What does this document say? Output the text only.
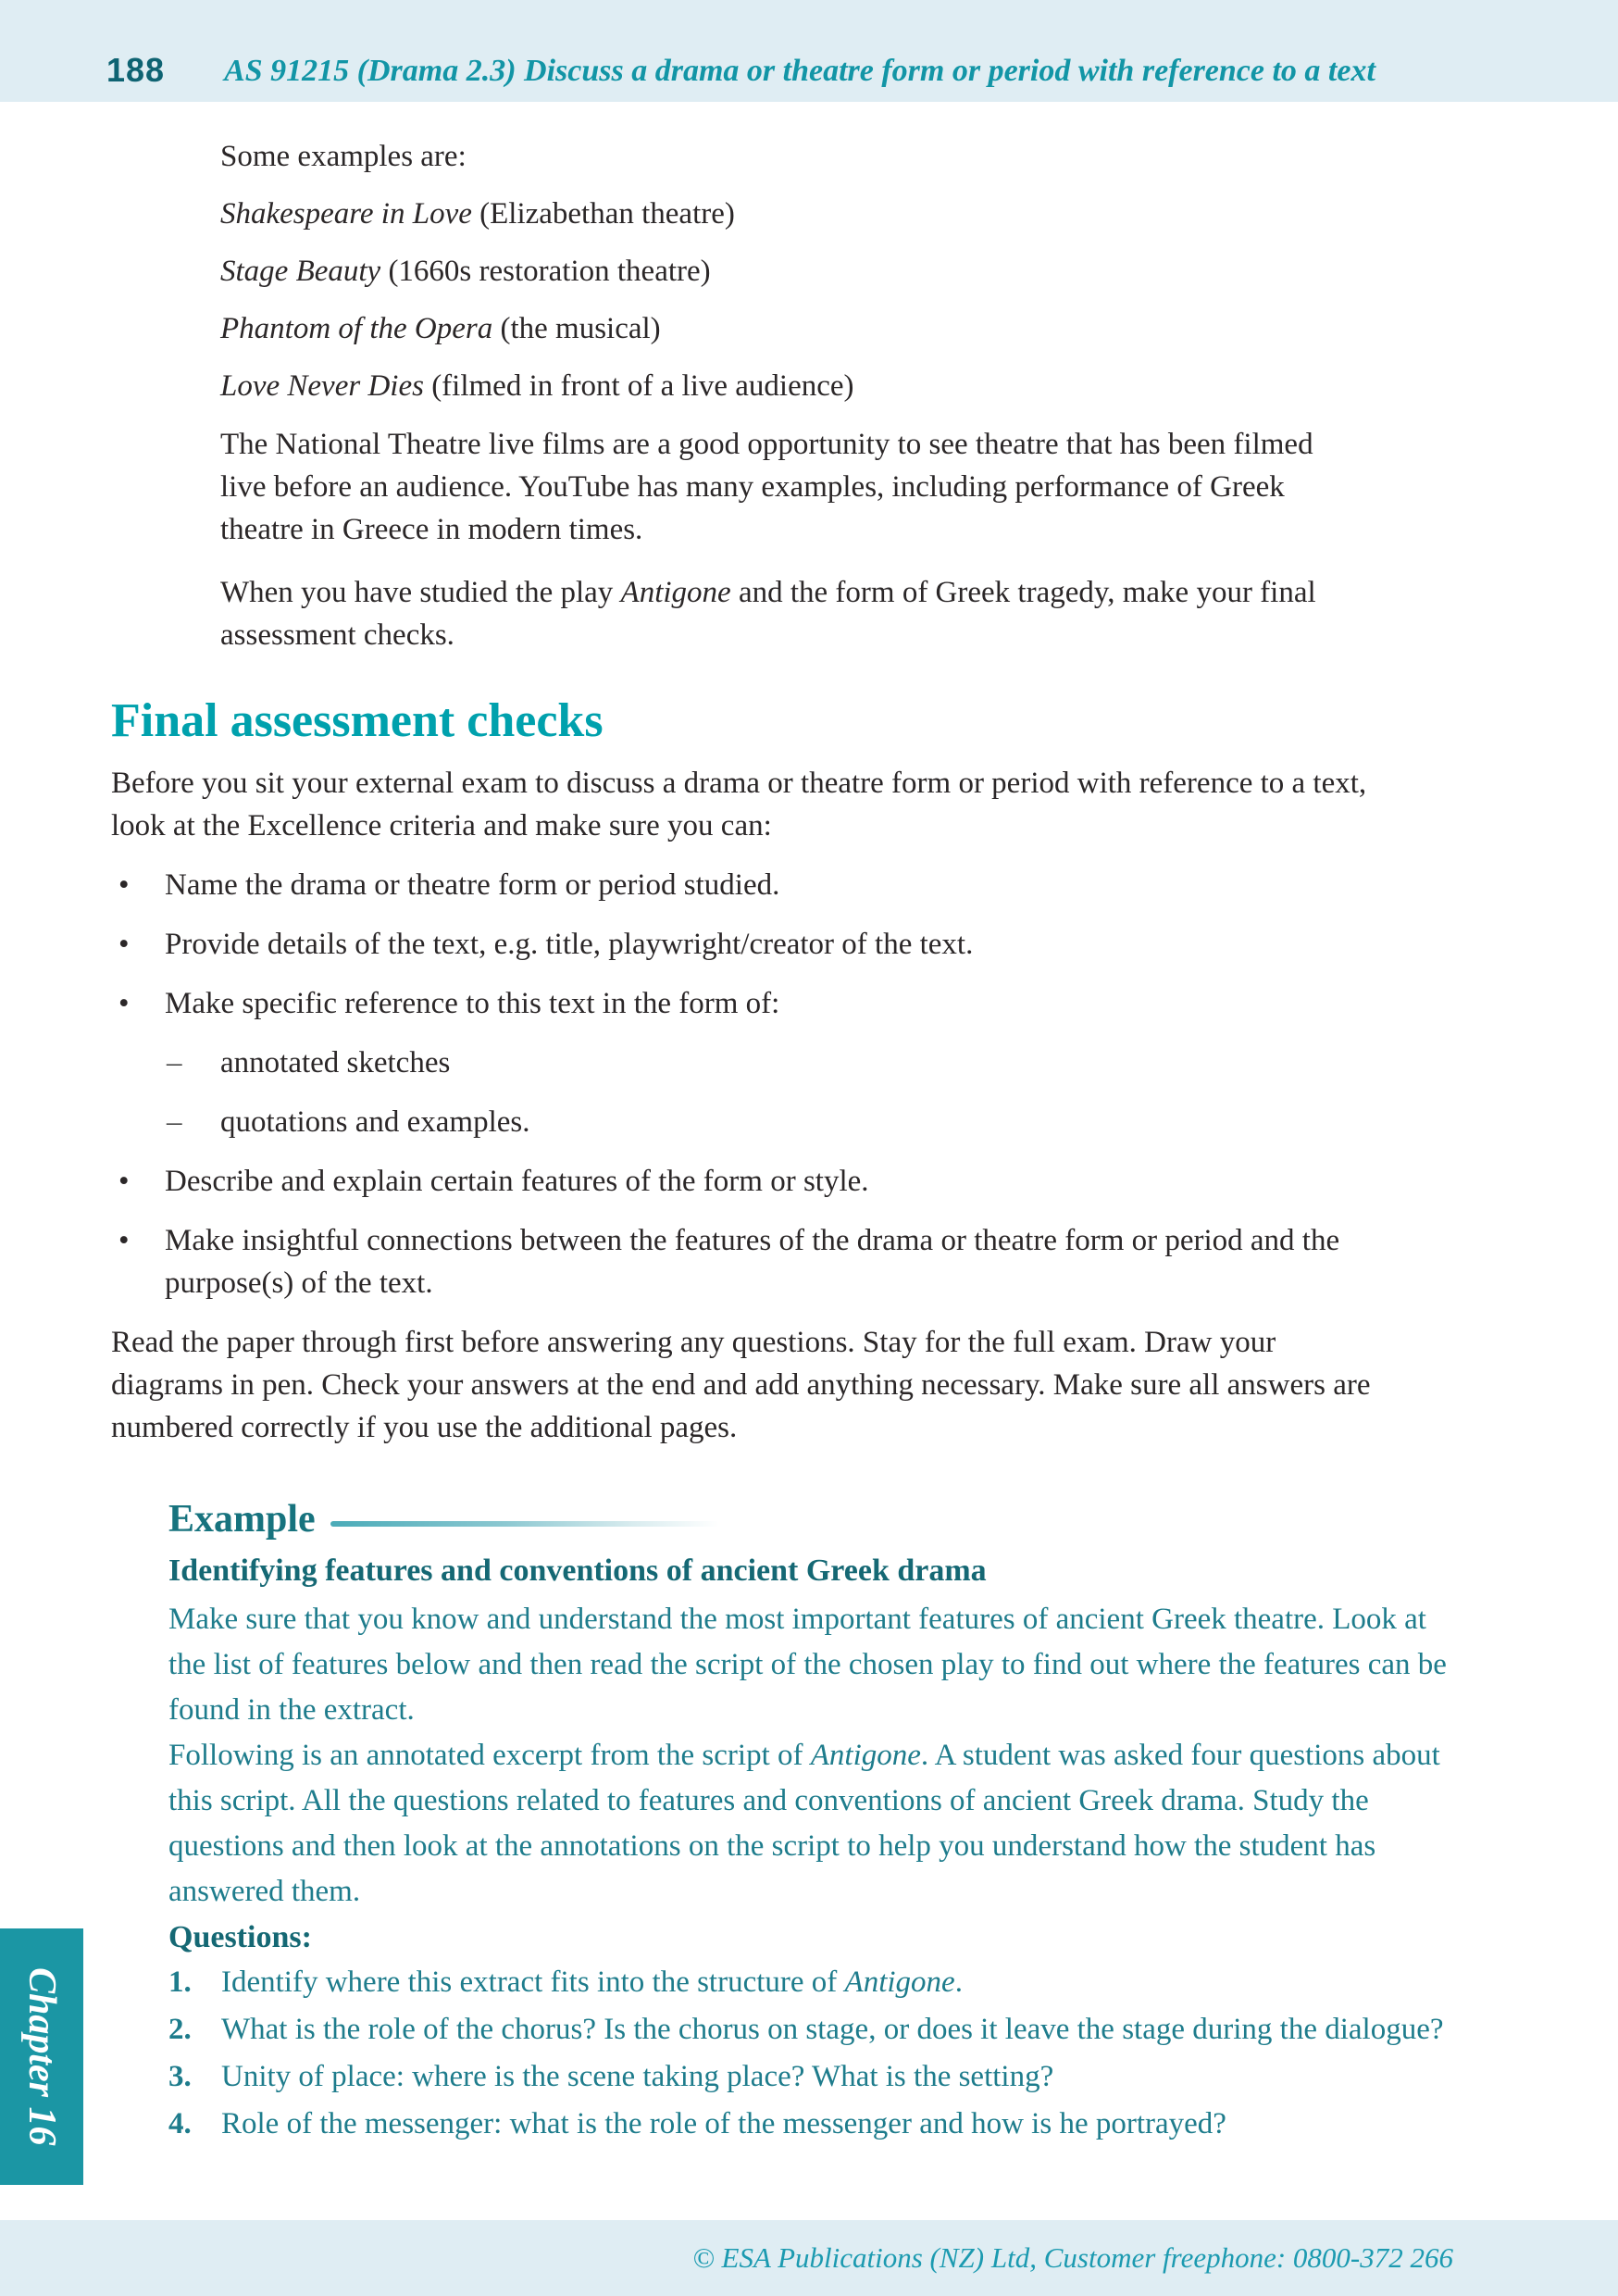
188 AS 91215 (Drama 2.3) Discuss a drama or theatre form or period with reference to a text

Some examples are:

Shakespeare in Love (Elizabethan theatre)

Stage Beauty (1660s restoration theatre)

Phantom of the Opera (the musical)

Love Never Dies (filmed in front of a live audience)

The National Theatre live films are a good opportunity to see theatre that has been filmed live before an audience. YouTube has many examples, including performance of Greek theatre in Greece in modern times.

When you have studied the play Antigone and the form of Greek tragedy, make your final assessment checks.

Final assessment checks

Before you sit your external exam to discuss a drama or theatre form or period with reference to a text, look at the Excellence criteria and make sure you can:

• Name the drama or theatre form or period studied.
• Provide details of the text, e.g. title, playwright/creator of the text.
• Make specific reference to this text in the form of:
– annotated sketches
– quotations and examples.
• Describe and explain certain features of the form or style.
• Make insightful connections between the features of the drama or theatre form or period and the purpose(s) of the text.

Read the paper through first before answering any questions. Stay for the full exam. Draw your diagrams in pen. Check your answers at the end and add anything necessary. Make sure all answers are numbered correctly if you use the additional pages.

Example
Identifying features and conventions of ancient Greek drama

Make sure that you know and understand the most important features of ancient Greek theatre. Look at the list of features below and then read the script of the chosen play to find out where the features can be found in the extract.

Following is an annotated excerpt from the script of Antigone. A student was asked four questions about this script. All the questions related to features and conventions of ancient Greek drama. Study the questions and then look at the annotations on the script to help you understand how the student has answered them.

Questions:

1. Identify where this extract fits into the structure of Antigone.
2. What is the role of the chorus? Is the chorus on stage, or does it leave the stage during the dialogue?
3. Unity of place: where is the scene taking place? What is the setting?
4. Role of the messenger: what is the role of the messenger and how is he portrayed?
Chapter 16
© ESA Publications (NZ) Ltd, Customer freephone: 0800-372 266
